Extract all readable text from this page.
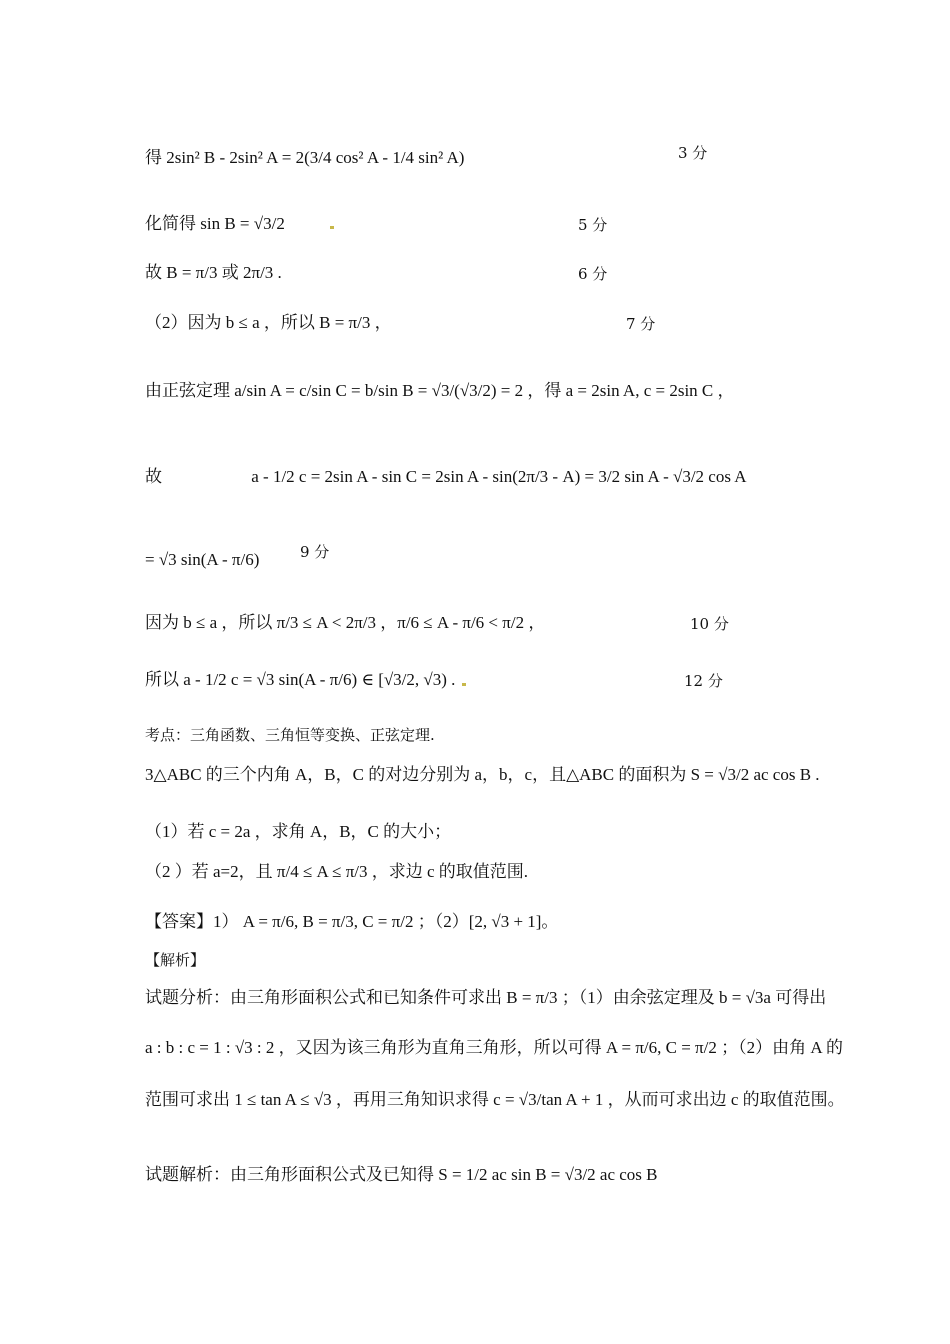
得 2sin² B - 2sin² A = 2(3/4 cos² A - 1/4 sin² A)	3 分
化简得 sin B = √3/2	5 分
故 B = π/3 或 2π/3 .	6 分
（2）因为 b ≤ a ，所以 B = π/3 ，	7 分
由正弦定理 a/sin A = c/sin C = b/sin B = √3/(√3/2) = 2 ，得 a = 2sin A, c = 2sin C ，
故　　　　　 a - 1/2 c = 2sin A - sin C = 2sin A - sin(2π/3 - A) = 3/2 sin A - √3/2 cos A
= √3 sin(A - π/6)	9 分
因为 b ≤ a ，所以 π/3 ≤ A < 2π/3 ，π/6 ≤ A - π/6 < π/2 ，	10 分
所以 a - 1/2 c = √3 sin(A - π/6) ∈ [√3/2, √3) .	12 分
考点：三角函数、三角恒等变换、正弦定理.
3△ABC 的三个内角 A，B，C 的对边分别为 a，b，c，且△ABC 的面积为 S = √3/2 ac cos B .
（1）若 c = 2a ，求角 A，B，C 的大小；
（2 ）若 a=2，且 π/4 ≤ A ≤ π/3 ，求边 c 的取值范围.
【答案】1） A = π/6, B = π/3, C = π/2 ；（2）[2, √3 + 1]。
【解析】
试题分析：由三角形面积公式和已知条件可求出 B = π/3 ；（1）由余弦定理及 b = √3a 可得出
a : b : c = 1 : √3 : 2 ，又因为该三角形为直角三角形，所以可得 A = π/6, C = π/2 ；（2）由角 A 的
范围可求出 1 ≤ tan A ≤ √3 ，再用三角知识求得 c = √3/tan A + 1 ，从而可求出边 c 的取值范围。
试题解析：由三角形面积公式及已知得 S = 1/2 ac sin B = √3/2 ac cos B
